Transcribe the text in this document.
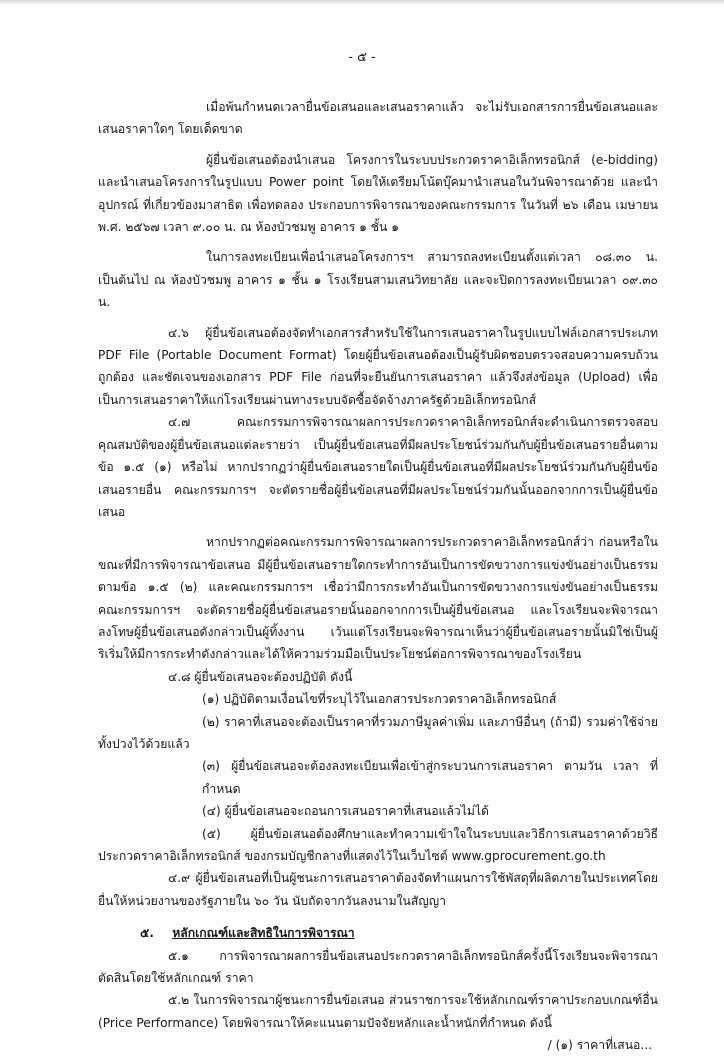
- ๕ -

เมื่อพ้นกำหนดเวลายื่นข้อเสนอและเสนอราคาแล้ว จะไม่รับเอกสารการยื่นข้อเสนอและเสนอราคาใดๆ โดยเด็ดขาด

ผู้ยื่นข้อเสนอต้องนำเสนอ โครงการในระบบประกวดราคาอิเล็กทรอนิกส์ (e-bidding) และนำเสนอโครงการในรูปแบบ Power point โดยให้เตรียมโน้ตบุ๊คมานำเสนอในวันพิจารณาด้วย และนำอุปกรณ์ ที่เกี่ยวข้องมาสาธิต เพื่อทดลอง ประกอบการพิจารณาของคณะกรรมการ ในวันที่ ๒๖ เดือน เมษายน พ.ศ. ๒๕๖๗ เวลา ๙.๐๐ น. ณ ห้องบัวชมพู อาคาร ๑ ชั้น ๑

ในการลงทะเบียนเพื่อนำเสนอโครงการฯ สามารถลงทะเบียนตั้งแต่เวลา ๐๘.๓๐ น. เป็นต้นไป ณ ห้องบัวชมพู อาคาร ๑ ชั้น ๑ โรงเรียนสามเสนวิทยาลัย และจะปิดการลงทะเบียนเวลา ๐๙.๓๐ น.

๔.๖ ผู้ยื่นข้อเสนอต้องจัดทำเอกสารสำหรับใช้ในการเสนอราคาในรูปแบบไฟล์เอกสารประเภท PDF File (Portable Document Format) โดยผู้ยื่นข้อเสนอต้องเป็นผู้รับผิดชอบตรวจสอบความครบถ้วน ถูกต้อง และชัดเจนของเอกสาร PDF File ก่อนที่จะยืนยันการเสนอราคา แล้วจึงส่งข้อมูล (Upload) เพื่อเป็นการเสนอราคาให้แก่โรงเรียนผ่านทางระบบจัดซื้อจัดจ้างภาครัฐด้วยอิเล็กทรอนิกส์

๔.๗ คณะกรรมการพิจารณาผลการประกวดราคาอิเล็กทรอนิกส์จะดำเนินการตรวจสอบคุณสมบัติของผู้ยื่นข้อเสนอแต่ละรายว่า เป็นผู้ยื่นข้อเสนอที่มีผลประโยชน์ร่วมกันกับผู้ยื่นข้อเสนอรายอื่นตามข้อ ๑.๕ (๑) หรือไม่ หากปรากฏว่าผู้ยื่นข้อเสนอรายใดเป็นผู้ยื่นข้อเสนอที่มีผลประโยชน์ร่วมกันกับผู้ยื่นข้อเสนอรายอื่น คณะกรรมการฯ จะตัดรายชื่อผู้ยื่นข้อเสนอที่มีผลประโยชน์ร่วมกันนั้นออกจากการเป็นผู้ยื่นข้อเสนอ

หากปรากฏต่อคณะกรรมการพิจารณาผลการประกวดราคาอิเล็กทรอนิกส์ว่า ก่อนหรือในขณะที่มีการพิจารณาข้อเสนอ มีผู้ยื่นข้อเสนอรายใดกระทำการอันเป็นการขัดขวางการแข่งขันอย่างเป็นธรรม ตามข้อ ๑.๕ (๒) และคณะกรรมการฯ เชื่อว่ามีการกระทำอันเป็นการขัดขวางการแข่งขันอย่างเป็นธรรม คณะกรรมการฯ จะตัดรายชื่อผู้ยื่นข้อเสนอรายนั้นออกจากการเป็นผู้ยื่นข้อเสนอ และโรงเรียนจะพิจารณาลงโทษผู้ยื่นข้อเสนอดังกล่าวเป็นผู้ทิ้งงาน เว้นแต่โรงเรียนจะพิจารณาเห็นว่าผู้ยื่นข้อเสนอรายนั้นมิใช่เป็นผู้ริเริ่มให้มีการกระทำดังกล่าวและได้ให้ความร่วมมือเป็นประโยชน์ต่อการพิจารณาของโรงเรียน

๔.๘ ผู้ยื่นข้อเสนอจะต้องปฏิบัติ ดังนี้

(๑) ปฏิบัติตามเงื่อนไขที่ระบุไว้ในเอกสารประกวดราคาอิเล็กทรอนิกส์

(๒) ราคาที่เสนอจะต้องเป็นราคาที่รวมภาษีมูลค่าเพิ่ม และภาษีอื่นๆ (ถ้ามี) รวมค่าใช้จ่ายทั้งปวงไว้ด้วยแล้ว

(๓) ผู้ยื่นข้อเสนอจะต้องลงทะเบียนเพื่อเข้าสู่กระบวนการเสนอราคา ตามวัน เวลา ที่กำหนด

(๔) ผู้ยื่นข้อเสนอจะถอนการเสนอราคาที่เสนอแล้วไม่ได้

(๕) ผู้ยื่นข้อเสนอต้องศึกษาและทำความเข้าใจในระบบและวิธีการเสนอราคาด้วยวิธีประกวดราคาอิเล็กทรอนิกส์ ของกรมบัญชีกลางที่แสดงไว้ในเว็บไซต์ www.gprocurement.go.th

๔.๙ ผู้ยื่นข้อเสนอที่เป็นผู้ชนะการเสนอราคาต้องจัดทำแผนการใช้พัสดุที่ผลิตภายในประเทศโดยยื่นให้หน่วยงานของรัฐภายใน ๖๐ วัน นับถัดจากวันลงนามในสัญญา

๕. หลักเกณฑ์และสิทธิในการพิจารณา

๕.๑ การพิจารณาผลการยื่นข้อเสนอประกวดราคาอิเล็กทรอนิกส์ครั้งนี้โรงเรียนจะพิจารณาตัดสินโดยใช้หลักเกณฑ์ ราคา

๕.๒ ในการพิจารณาผู้ชนะการยื่นข้อเสนอ ส่วนราชการจะใช้หลักเกณฑ์ราคาประกอบเกณฑ์อื่น (Price Performance) โดยพิจารณาให้คะแนนตามปัจจัยหลักและน้ำหนักที่กำหนด ดังนี้

/ (๑) ราคาที่เสนอ...
